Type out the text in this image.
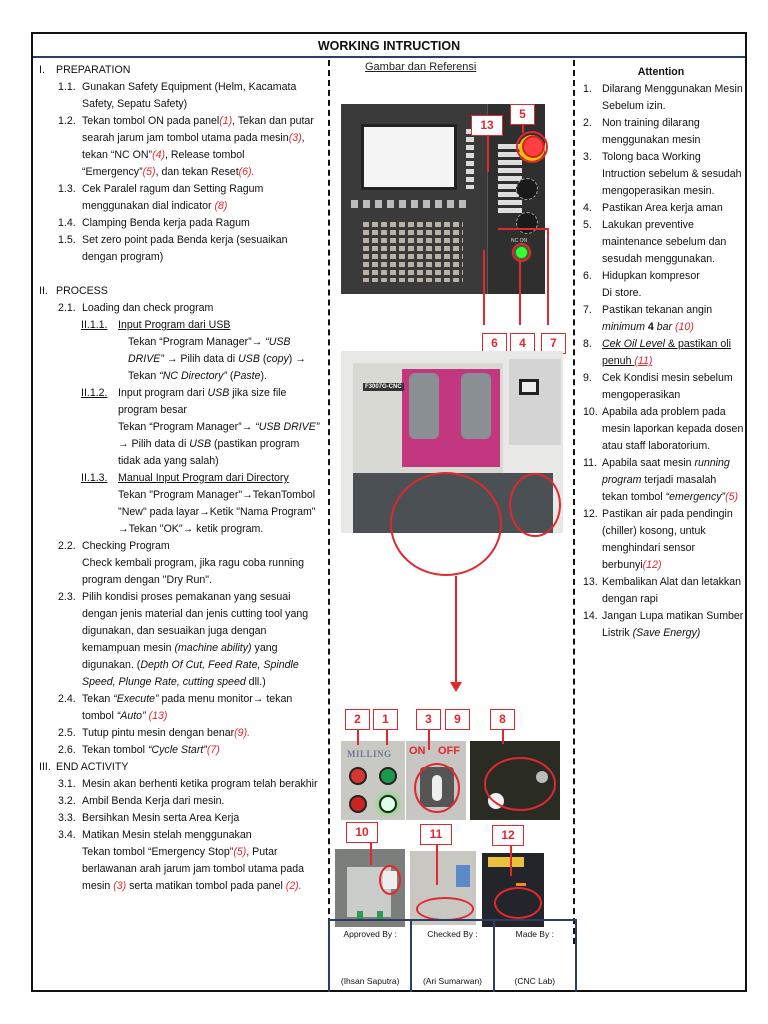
WORKING INTRUCTION
I.	PREPARATION
1.1. Gunakan Safety Equipment (Helm, Kacamata Safety, Sepatu Safety)
1.2. Tekan tombol ON pada panel(1), Tekan dan putar searah jarum jam tombol utama pada mesin(3), tekan “NC ON”(4), Release tombol “Emergency”(5), dan tekan Reset(6).
1.3. Cek Paralel ragum dan Setting Ragum menggunakan dial indicator (8)
1.4. Clamping Benda kerja pada Ragum
1.5. Set zero point pada Benda kerja (sesuaikan dengan program)
II. PROCESS
2.1. Loading dan check program
II.1.1. Input Program dari USB
Tekan “Program Manager”→ “USB DRIVE” → Pilih data di USB (copy) → Tekan “NC Directory” (Paste).
II.1.2. Input program dari USB jika size file program besar
Tekan “Program Manager”→ “USB DRIVE” → Pilih data di USB (pastikan program tidak ada yang salah)
II.1.3. Manual Input Program dari Directory
Tekan "Program Manager"→TekanTombol "New" pada layar→Ketik "Nama Program" →Tekan "OK"→ ketik program.
2.2. Checking Program
Check kembali program, jika ragu coba running program dengan "Dry Run".
2.3. Pilih kondisi proses pemakanan yang sesuai dengan jenis material dan jenis cutting tool yang digunakan, dan sesuaikan juga dengan kemampuan mesin (machine ability) yang digunakan. (Depth Of Cut, Feed Rate, Spindle Speed, Plunge Rate, cutting speed dll.)
2.4. Tekan “Execute” pada menu monitor→ tekan tombol “Auto” (13)
2.5. Tutup pintu mesin dengan benar(9).
2.6. Tekan tombol “Cycle Start”(7)
III. END ACTIVITY
3.1. Mesin akan berhenti ketika program telah berakhir
3.2. Ambil Benda Kerja dari mesin.
3.3. Bersihkan Mesin serta Area Kerja
3.4. Matikan Mesin stelah menggunakan
Tekan tombol “Emergency Stop”(5), Putar berlawanan arah jarum jam tombol utama pada mesin (3) serta matikan tombol pada panel (2).
Gambar dan Referensi
NC ON
5
13
6	4	7
F3007G-CNC
2	1	3	9	8
MILLING ON OFF
10	11	12
Attention
1. Dilarang Menggunakan Mesin Sebelum izin.
2. Non training dilarang menggunakan mesin
3. Tolong baca Working Intruction sebelum & sesudah mengoperasikan mesin.
4. Pastikan Area kerja aman
5. Lakukan preventive maintenance sebelum dan sesudah menggunakan.
6. Hidupkan kompresor
Di store.
7. Pastikan tekanan angin minimum 4 bar (10)
8. Cek Oil Level & pastikan oli penuh (11)
9. Cek Kondisi mesin sebelum
mengoperasikan
10. Apabila ada problem pada mesin laporkan kepada dosen atau staff laboratorium.
11. Apabila saat mesin running program terjadi masalah tekan tombol “emergency”(5)
12. Pastikan air pada pendingin (chiller) kosong, untuk menghindari sensor berbunyi(12)
13. Kembalikan Alat dan letakkan dengan rapi
14. Jangan Lupa matikan Sumber Listrik (Save Energy)
Approved By :
(Ihsan Saputra)
Checked By :
(Ari Sumarwan)
Made By :
(CNC Lab)
